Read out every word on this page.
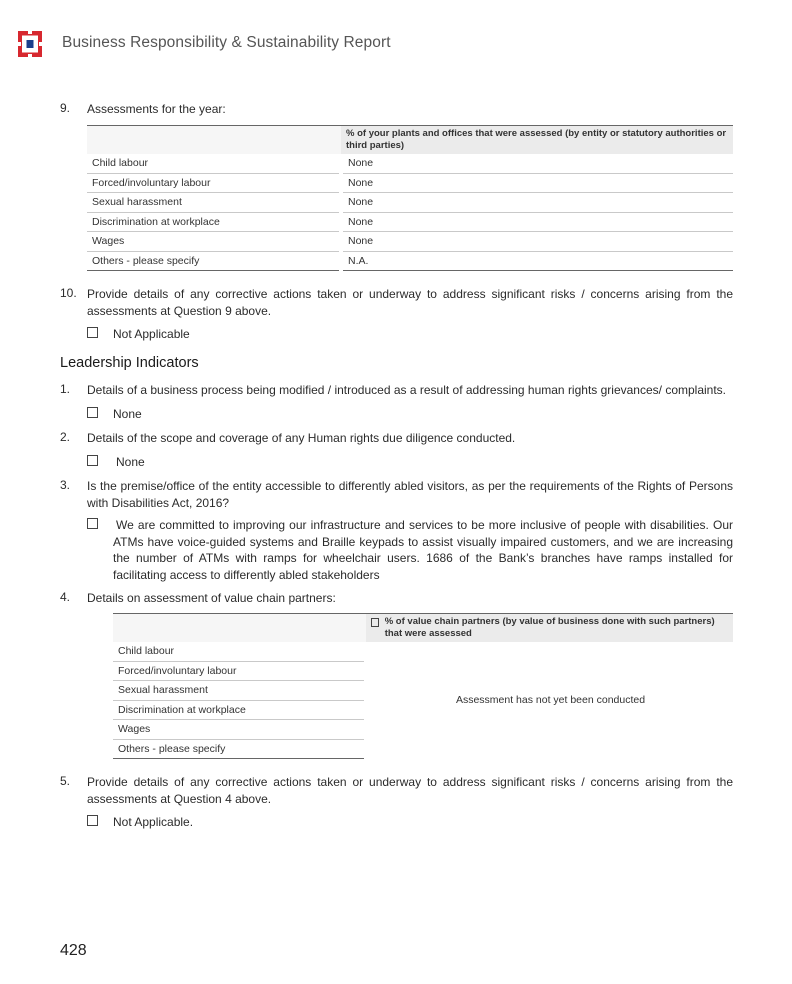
Business Responsibility & Sustainability Report
9. Assessments for the year:
	% of your plants and offices that were assessed (by entity or statutory authorities or third parties)
Child labour	None
Forced/involuntary labour	None
Sexual harassment	None
Discrimination at workplace	None
Wages	None
Others - please specify	N.A.
10. Provide details of any corrective actions taken or underway to address significant risks / concerns arising from the assessments at Question 9 above.
Not Applicable
Leadership Indicators
1. Details of a business process being modified / introduced as a result of addressing human rights grievances/ complaints.
None
2. Details of the scope and coverage of any Human rights due diligence conducted.
None
3. Is the premise/office of the entity accessible to differently abled visitors, as per the requirements of the Rights of Persons with Disabilities Act, 2016?
We are committed to improving our infrastructure and services to be more inclusive of people with disabilities. Our ATMs have voice-guided systems and Braille keypads to assist visually impaired customers, and we are increasing the number of ATMs with ramps for wheelchair users. 1686 of the Bank’s branches have ramps installed for facilitating access to differently abled stakeholders
4. Details on assessment of value chain partners:

	% of value chain partners (by value of business done with such partners) that were assessed

Child labour	Assessment has not yet been conducted
Forced/involuntary labour	
Sexual harassment	
Discrimination at workplace	
Wages	
Others - please specify	
5. Provide details of any corrective actions taken or underway to address significant risks / concerns arising from the assessments at Question 4 above.
Not Applicable.
428
